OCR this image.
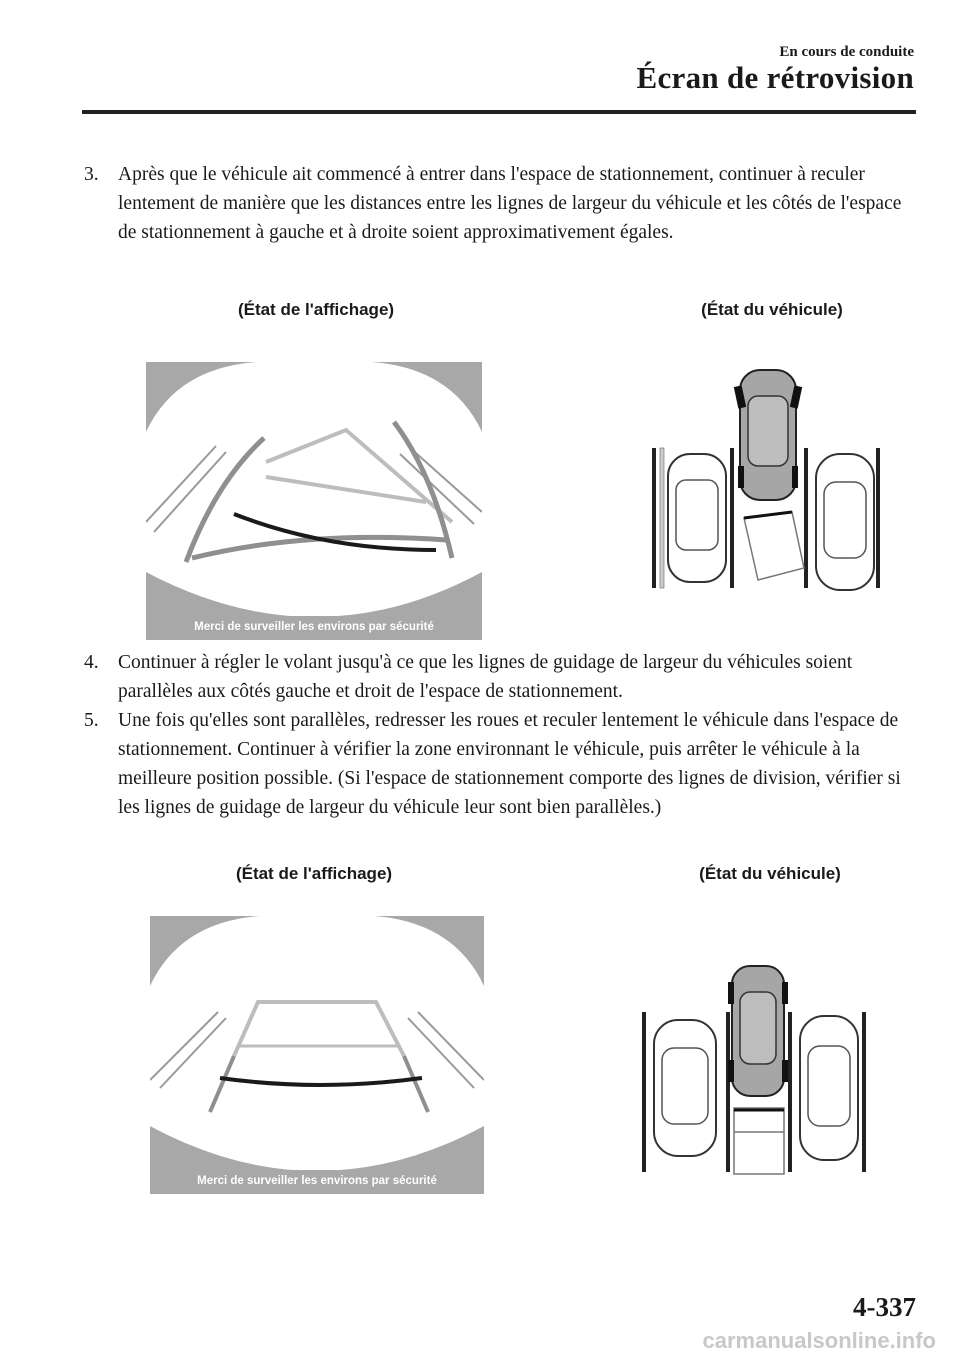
En cours de conduite
Écran de rétrovision
3. Après que le véhicule ait commencé à entrer dans l'espace de stationnement, continuer à reculer lentement de manière que les distances entre les lignes de largeur du véhicule et les côtés de l'espace de stationnement à gauche et à droite soient approximativement égales.
(État de l'affichage)	(État du véhicule)
Merci de surveiller les environs par sécurité
4. Continuer à régler le volant jusqu'à ce que les lignes de guidage de largeur du véhicules soient parallèles aux côtés gauche et droit de l'espace de stationnement.
5. Une fois qu'elles sont parallèles, redresser les roues et reculer lentement le véhicule dans l'espace de stationnement. Continuer à vérifier la zone environnant le véhicule, puis arrêter le véhicule à la meilleure position possible. (Si l'espace de stationnement comporte des lignes de division, vérifier si les lignes de guidage de largeur du véhicule leur sont bien parallèles.)
(État de l'affichage)	(État du véhicule)
Merci de surveiller les environs par sécurité
4-337
carmanualsonline.info
